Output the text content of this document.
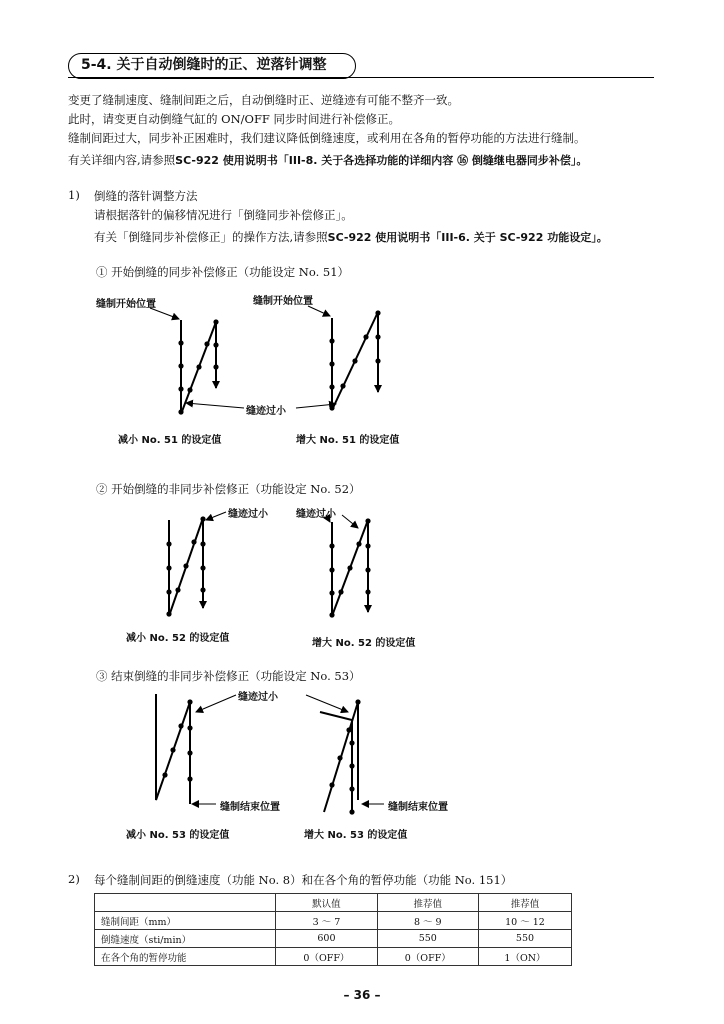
5-4. 关于自动倒缝时的正、逆落针调整
变更了缝制速度、缝制间距之后，自动倒缝时正、逆缝迹有可能不整齐一致。
此时，请变更自动倒缝气缸的 ON/OFF 同步时间进行补偿修正。
缝制间距过大，同步补正困难时，我们建议降低倒缝速度，或利用在各角的暂停功能的方法进行缝制。
有关详细内容,请参照SC-922 使用说明书「III-8. 关于各选择功能的详细内容 ⑯ 倒缝继电器同步补偿」。
1) 倒缝的落针调整方法
请根据落针的偏移情况进行「倒缝同步补偿修正」。
有关「倒缝同步补偿修正」的操作方法,请参照SC-922 使用说明书「III-6. 关于 SC-922 功能设定」。
① 开始倒缝的同步补偿修正（功能设定 No. 51）
缝制开始位置	缝制开始位置
缝迹过小
减小 No. 51 的设定值	增大 No. 51 的设定值
② 开始倒缝的非同步补偿修正（功能设定 No. 52）
缝迹过小	缝迹过小
减小 No. 52 的设定值	增大 No. 52 的设定值
③ 结束倒缝的非同步补偿修正（功能设定 No. 53）
缝迹过小
缝制结束位置	缝制结束位置
减小 No. 53 的设定值	增大 No. 53 的设定值
2) 每个缝制间距的倒缝速度（功能 No. 8）和在各个角的暂停功能（功能 No. 151）
	默认值	推荐值	推荐值
缝制间距（mm）	3 ～ 7	8 ～ 9	10 ～ 12
倒缝速度（sti/min）	600	550	550
在各个角的暂停功能	0（OFF）	0（OFF）	1（ON）
– 36 –
